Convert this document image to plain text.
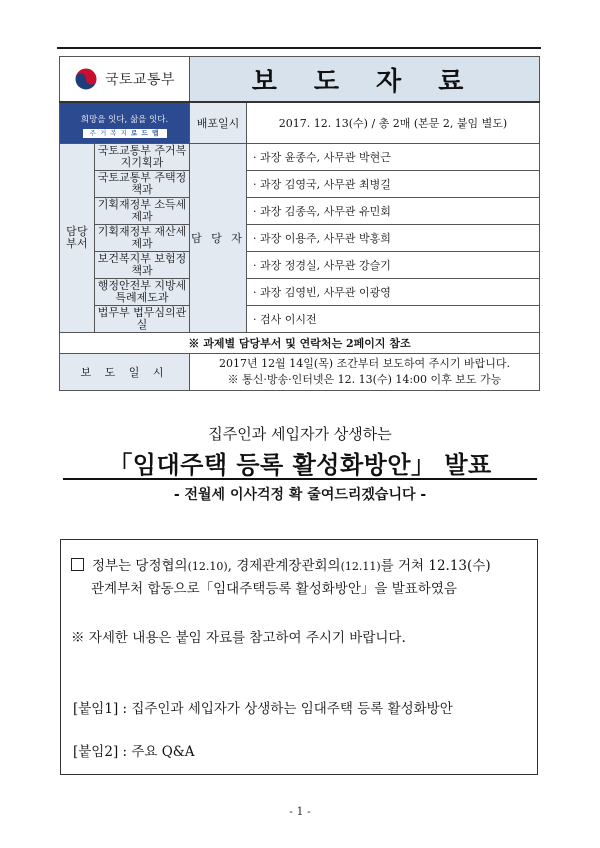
국토교통부		보 도 자 료	

희망을 잇다, 삶을 잇다.
주 거 복 지 로 드 맵		배포일시	2017. 12. 13(수) / 총 2매 (본문 2, 붙임 별도)
담당
부서	국토교통부 주거복지기획과	담 당 자	· 과장 윤종수, 사무관 박현근
	국토교통부 주택정책과		· 과장 김영국, 사무관 최병길
	기획재정부 소득세제과		· 과장 김종옥, 사무관 유민회
	기획재정부 재산세제과		· 과장 이용주, 사무관 박홍희
	보건복지부 보험정책과		· 과장 정경실, 사무관 강슬기
	행정안전부 지방세특례제도과		· 과장 김영빈, 사무관 이광영
	법무부 법무심의관실		· 검사 이시전
※ 과제별 담당부서 및 연락처는 2페이지 참조			
보 도 일 시		2017년 12월 14일(목) 조간부터 보도하여 주시기 바랍니다.
※ 통신·방송·인터넷은 12. 13(수) 14:00 이후 보도 가능	
집주인과 세입자가 상생하는
「임대주택 등록 활성화방안」 발표
- 전월세 이사걱정 확 줄여드리겠습니다 -
정부는 당정협의(12.10), 경제관계장관회의(12.11)를 거쳐 12.13(수)
관계부처 합동으로「임대주택등록 활성화방안」을 발표하였음
※ 자세한 내용은 붙임 자료를 참고하여 주시기 바랍니다.
[붙임1] : 집주인과 세입자가 상생하는 임대주택 등록 활성화방안
[붙임2] : 주요 Q&A
- 1 -
